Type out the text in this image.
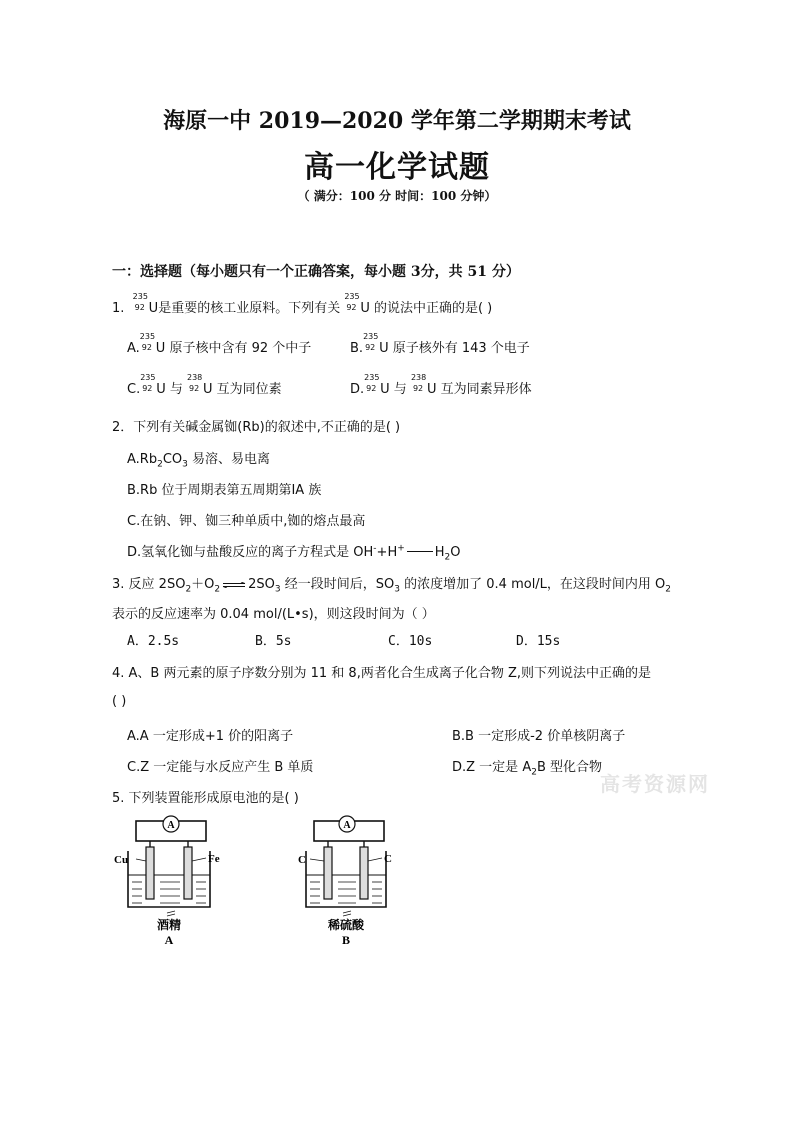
海原一中 2019—2020 学年第二学期期末考试
高一化学试题
（ 满分：100 分 时间：100 分钟）
一：选择题（每小题只有一个正确答案，每小题 3分，共 51 分）
1.
235
92 U是重要的核工业原料。下列有关
235
92 U 的说法中正确的是( )
A.
235
92 U 原子核中含有 92 个中子	B.
235
92 U 原子核外有 143 个电子
C.
235
92 U 与
238
92 U 互为同位素	D.
235
92 U 与
238
92 U 互为同素异形体
2．下列有关碱金属铷(Rb)的叙述中,不正确的是( )
$A.Rb_2CO_3$ 易溶、易电离
B.Rb 位于周期表第五周期第ⅠA 族
C.在钠、钾、铷三种单质中,铷的熔点最高
D.氢氧化铷与盐酸反应的离子方程式是 OH-+H+ $H_2O$
3. 反应 $2SO_2+O_2$ ⇌ $2SO_3$ 经一段时间后，$SO_3$ 的浓度增加了 0.4 mol/L，在这段时间内用 $O_2$
表示的反应速率为 0.04 mol/(L•s)，则这段时间为（ ）
A．2.5s	B．5s	C．10s	D．15s
4. A、B 两元素的原子序数分别为 11 和 8,两者化合生成离子化合物 Z,则下列说法中正确的是
( )
A.A 一定形成+1 价的阳离子	B.B 一定形成-2 价单核阴离子
C.Z 一定能与水反应产生 B 单质	D.Z 一定是 $A_2B$ 型化合物
高考资源网
5. 下列装置能形成原电池的是( )
A
Cu	Fe
酒精
A
A
C	C
稀硫酸
B
